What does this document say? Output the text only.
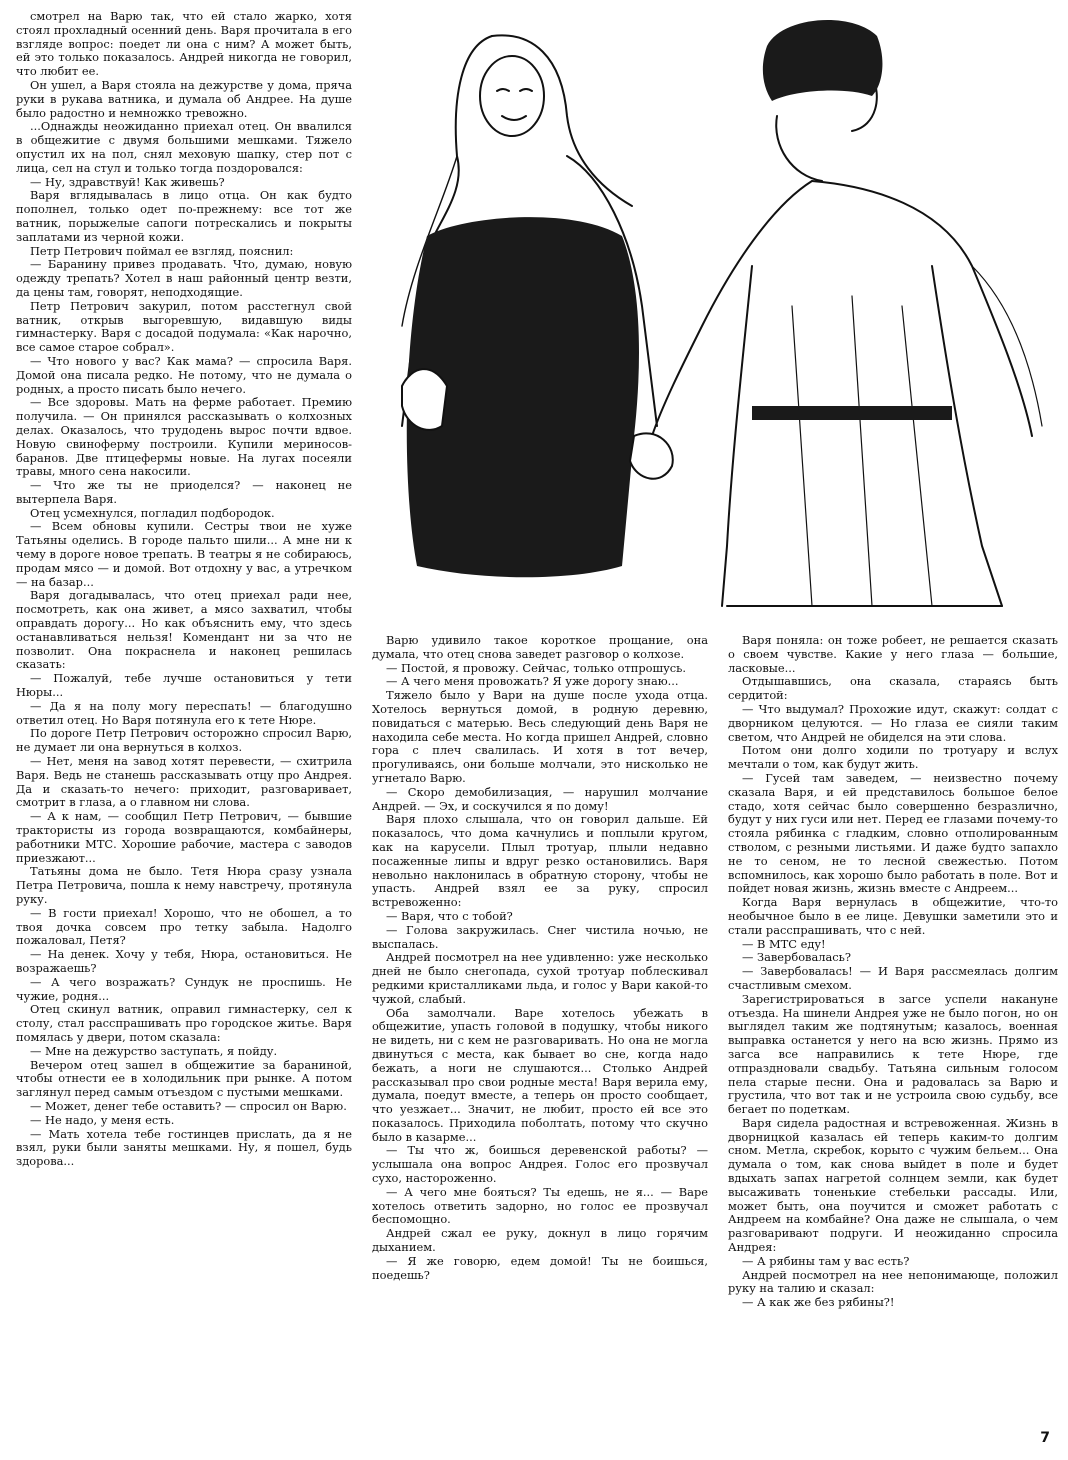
смотрел на Варю так, что ей стало жарко, хотя стоял прохладный осенний день. Варя прочитала в его взгляде вопрос: поедет ли она с ним? А может быть, ей это только показалось. Андрей никогда не говорил, что любит ее.

Он ушел, а Варя стояла на дежурстве у дома, пряча руки в рукава ватника, и думала об Андрее. На душе было радостно и немножко тревожно.

...Однажды неожиданно приехал отец. Он ввалился в общежитие с двумя большими мешками. Тяжело опустил их на пол, снял меховую шапку, стер пот с лица, сел на стул и только тогда поздоровался:

— Ну, здравствуй! Как живешь?

Варя вглядывалась в лицо отца. Он как будто пополнел, только одет по-прежнему: все тот же ватник, порыжелые сапоги потрескались и покрыты заплатами из черной кожи.

Петр Петрович поймал ее взгляд, пояснил:

— Баранину привез продавать. Что, думаю, новую одежду трепать? Хотел в наш районный центр везти, да цены там, говорят, неподходящие.

Петр Петрович закурил, потом расстегнул свой ватник, открыв выгоревшую, видавшую виды гимнастерку. Варя с досадой подумала: «Как нарочно, все самое старое собрал».

— Что нового у вас? Как мама? — спросила Варя. Домой она писала редко. Не потому, что не думала о родных, а просто писать было нечего.

— Все здоровы. Мать на ферме работает. Премию получила. — Он принялся рассказывать о колхозных делах. Оказалось, что трудодень вырос почти вдвое. Новую свиноферму построили. Купили мериносов-баранов. Две птицефермы новые. На лугах посеяли травы, много сена накосили.

— Что же ты не приоделся? — наконец не вытерпела Варя.

Отец усмехнулся, погладил подбородок.

— Всем обновы купили. Сестры твои не хуже Татьяны оделись. В городе пальто шили... А мне ни к чему в дороге новое трепать. В театры я не собираюсь, продам мясо — и домой. Вот отдохну у вас, а утречком — на базар...

Варя догадывалась, что отец приехал ради нее, посмотреть, как она живет, а мясо захватил, чтобы оправдать дорогу... Но как объяснить ему, что здесь останавливаться нельзя! Комендант ни за что не позволит. Она покраснела и наконец решилась сказать:

— Пожалуй, тебе лучше остановиться у тети Нюры...

— Да я на полу могу переспать! — благодушно ответил отец. Но Варя потянула его к тете Нюре.

По дороге Петр Петрович осторожно спросил Варю, не думает ли она вернуться в колхоз.

— Нет, меня на завод хотят перевести, — схитрила Варя. Ведь не станешь рассказывать отцу про Андрея. Да и сказать-то нечего: приходит, разговаривает, смотрит в глаза, а о главном ни слова.

— А к нам, — сообщил Петр Петрович, — бывшие трактористы из города возвращаются, комбайнеры, работники МТС. Хорошие рабочие, мастера с заводов приезжают...

Татьяны дома не было. Тетя Нюра сразу узнала Петра Петровича, пошла к нему навстречу, протянула руку.

— В гости приехал! Хорошо, что не обошел, а то твоя дочка совсем про тетку забыла. Надолго пожаловал, Петя?

— На денек. Хочу у тебя, Нюра, остановиться. Не возражаешь?

— А чего возражать? Сундук не проспишь. Не чужие, родня...

Отец скинул ватник, оправил гимнастерку, сел к столу, стал расспрашивать про городское житье. Варя помялась у двери, потом сказала:

— Мне на дежурство заступать, я пойду.

Вечером отец зашел в общежитие за бараниной, чтобы отнести ее в холодильник при рынке. А потом заглянул перед самым отъездом с пустыми мешками.

— Может, денег тебе оставить? — спросил он Варю.

— Не надо, у меня есть.

— Мать хотела тебе гостинцев прислать, да я не взял, руки были заняты мешками. Ну, я пошел, будь здорова...

Варю удивило такое короткое прощание, она думала, что отец снова заведет разговор о колхозе.

— Постой, я провожу. Сейчас, только отпрошусь.

— А чего меня провожать? Я уже дорогу знаю...

Тяжело было у Вари на душе после ухода отца. Хотелось вернуться домой, в родную деревню, повидаться с матерью. Весь следующий день Варя не находила себе места. Но когда пришел Андрей, словно гора с плеч свалилась. И хотя в тот вечер, прогуливаясь, они больше молчали, это нисколько не угнетало Варю.

— Скоро демобилизация, — нарушил молчание Андрей. — Эх, и соскучился я по дому!

Варя плохо слышала, что он говорил дальше. Ей показалось, что дома качнулись и поплыли кругом, как на карусели. Плыл тротуар, плыли недавно посаженные липы и вдруг резко остановились. Варя невольно наклонилась в обратную сторону, чтобы не упасть. Андрей взял ее за руку, спросил встревоженно:

— Варя, что с тобой?

— Голова закружилась. Снег чистила ночью, не выспалась.

Андрей посмотрел на нее удивленно: уже несколько дней не было снегопада, сухой тротуар поблескивал редкими кристалликами льда, и голос у Вари какой-то чужой, слабый.

Оба замолчали. Варе хотелось убежать в общежитие, упасть головой в подушку, чтобы никого не видеть, ни с кем не разговаривать. Но она не могла двинуться с места, как бывает во сне, когда надо бежать, а ноги не слушаются... Столько Андрей рассказывал про свои родные места! Варя верила ему, думала, поедут вместе, а теперь он просто сообщает, что уезжает... Значит, не любит, просто ей все это показалось. Приходила поболтать, потому что скучно было в казарме...

— Ты что ж, боишься деревенской работы? — услышала она вопрос Андрея. Голос его прозвучал сухо, настороженно.

— А чего мне бояться? Ты едешь, не я... — Варе хотелось ответить задорно, но голос ее прозвучал беспомощно.

Андрей сжал ее руку, докнул в лицо горячим дыханием.

— Я же говорю, едем домой! Ты не боишься, поедешь?

Варя поняла: он тоже робеет, не решается сказать о своем чувстве. Какие у него глаза — большие, ласковые...

Отдышавшись, она сказала, стараясь быть сердитой:

— Что выдумал? Прохожие идут, скажут: солдат с дворником целуются. — Но глаза ее сияли таким светом, что Андрей не обиделся на эти слова.

Потом они долго ходили по тротуару и вслух мечтали о том, как будут жить.

— Гусей там заведем, — неизвестно почему сказала Варя, и ей представилось большое белое стадо, хотя сейчас было совершенно безразлично, будут у них гуси или нет. Перед ее глазами почему-то стояла рябинка с гладким, словно отполированным стволом, с резными листьями. И даже будто запахло не то сеном, не то лесной свежестью. Потом вспомнилось, как хорошо было работать в поле. Вот и пойдет новая жизнь, жизнь вместе с Андреем...

Когда Варя вернулась в общежитие, что-то необычное было в ее лице. Девушки заметили это и стали расспрашивать, что с ней.

— В МТС еду!

— Завербовалась?

— Завербовалась! — И Варя рассмеялась долгим счастливым смехом.

Зарегистрироваться в загсе успели накануне отъезда. На шинели Андрея уже не было погон, но он выглядел таким же подтянутым; казалось, военная выправка останется у него на всю жизнь. Прямо из загса все направились к тете Нюре, где отпраздновали свадьбу. Татьяна сильным голосом пела старые песни. Она и радовалась за Варю и грустила, что вот так и не устроила свою судьбу, все бегает по подеткам.

Варя сидела радостная и встревоженная. Жизнь в дворницкой казалась ей теперь каким-то долгим сном. Метла, скребок, корыто с чужим бельем... Она думала о том, как снова выйдет в поле и будет вдыхать запах нагретой солнцем земли, как будет высаживать тоненькие стебельки рассады. Или, может быть, она поучится и сможет работать с Андреем на комбайне? Она даже не слышала, о чем разговаривают подруги. И неожиданно спросила Андрея:

— А рябины там у вас есть?

Андрей посмотрел на нее непонимающе, положил руку на талию и сказал:

— А как же без рябины?!

7
